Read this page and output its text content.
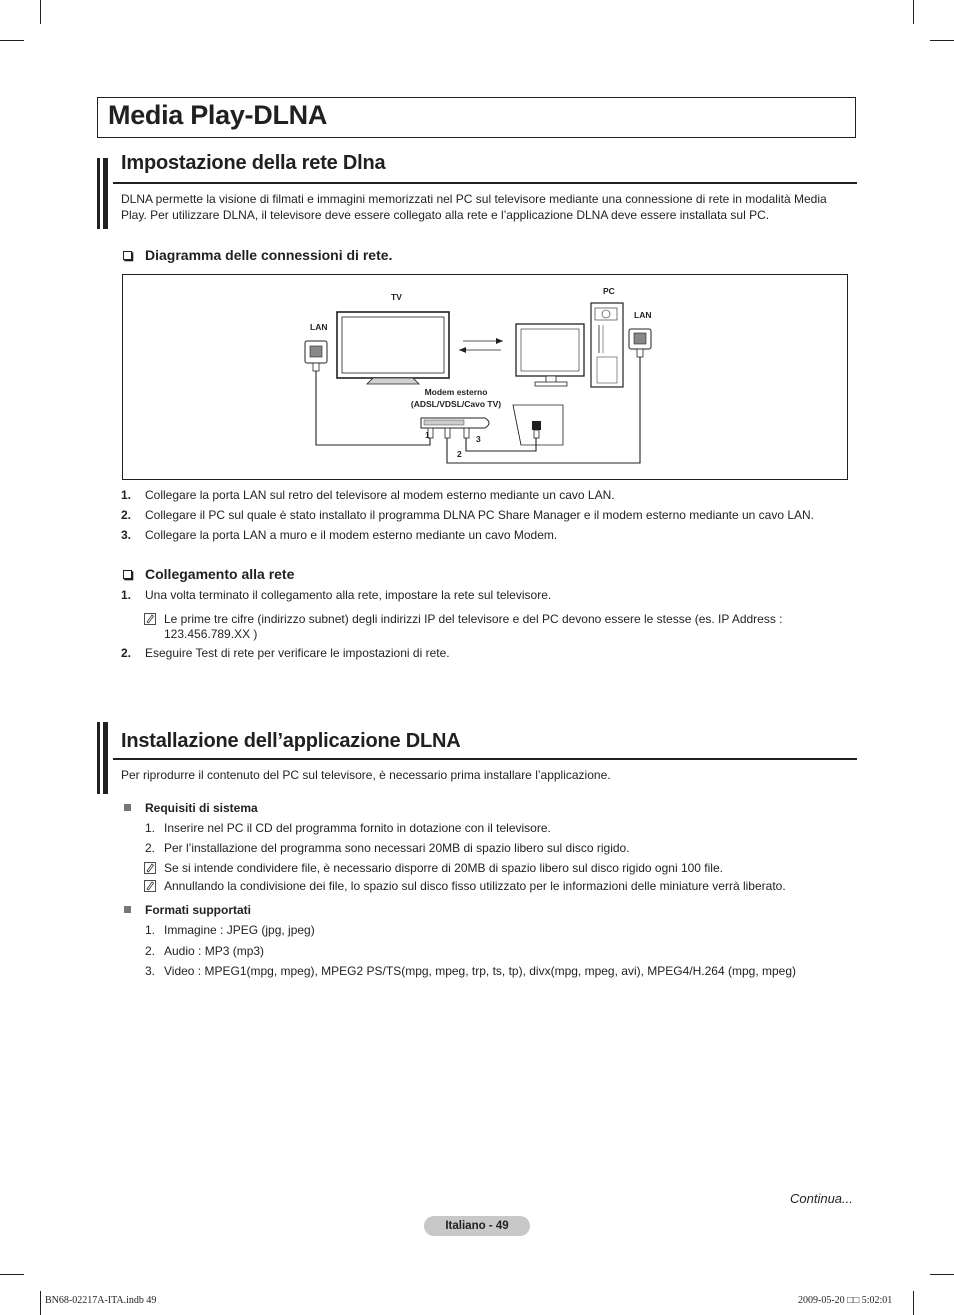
Media Play-DLNA
Impostazione della rete Dlna
DLNA permette la visione di filmati e immagini memorizzati nel PC sul televisore mediante una connessione di rete in modalità Media Play. Per utilizzare DLNA, il televisore deve essere collegato alla rete e l’applicazione DLNA deve essere installata sul PC.
Diagramma delle connessioni di rete.
TV
PC
LAN
LAN
Modem esterno
(ADSL/VDSL/Cavo TV)
1
2
3
1. Collegare la porta LAN sul retro del televisore al modem esterno mediante un cavo LAN.
2. Collegare il PC sul quale è stato installato il programma DLNA PC Share Manager e il modem esterno mediante un cavo LAN.
3. Collegare la porta LAN a muro e il modem esterno mediante un cavo Modem.
Collegamento alla rete
1. Una volta terminato il collegamento alla rete, impostare la rete sul televisore.
Le prime tre cifre (indirizzo subnet) degli indirizzi IP del televisore e del PC devono essere le stesse (es. IP Address : 123.456.789.XX )
2. Eseguire Test di rete per verificare le impostazioni di rete.
Installazione dell’applicazione DLNA
Per riprodurre il contenuto del PC sul televisore, è necessario prima installare l’applicazione.
Requisiti di sistema
1. Inserire nel PC il CD del programma fornito in dotazione con il televisore.
2. Per l’installazione del programma sono necessari 20MB di spazio libero sul disco rigido.
Se si intende condividere file, è necessario disporre di 20MB di spazio libero sul disco rigido ogni 100 file.
Annullando la condivisione dei file, lo spazio sul disco fisso utilizzato per le informazioni delle miniature verrà liberato.
Formati supportati
1. Immagine : JPEG (jpg, jpeg)
2. Audio : MP3 (mp3)
3. Video : MPEG1(mpg, mpeg), MPEG2 PS/TS(mpg, mpeg, trp, ts, tp), divx(mpg, mpeg, avi), MPEG4/H.264 (mpg, mpeg)
Continua...
Italiano - 49
BN68-02217A-ITA.indb 49	2009-05-20 □□ 5:02:01
